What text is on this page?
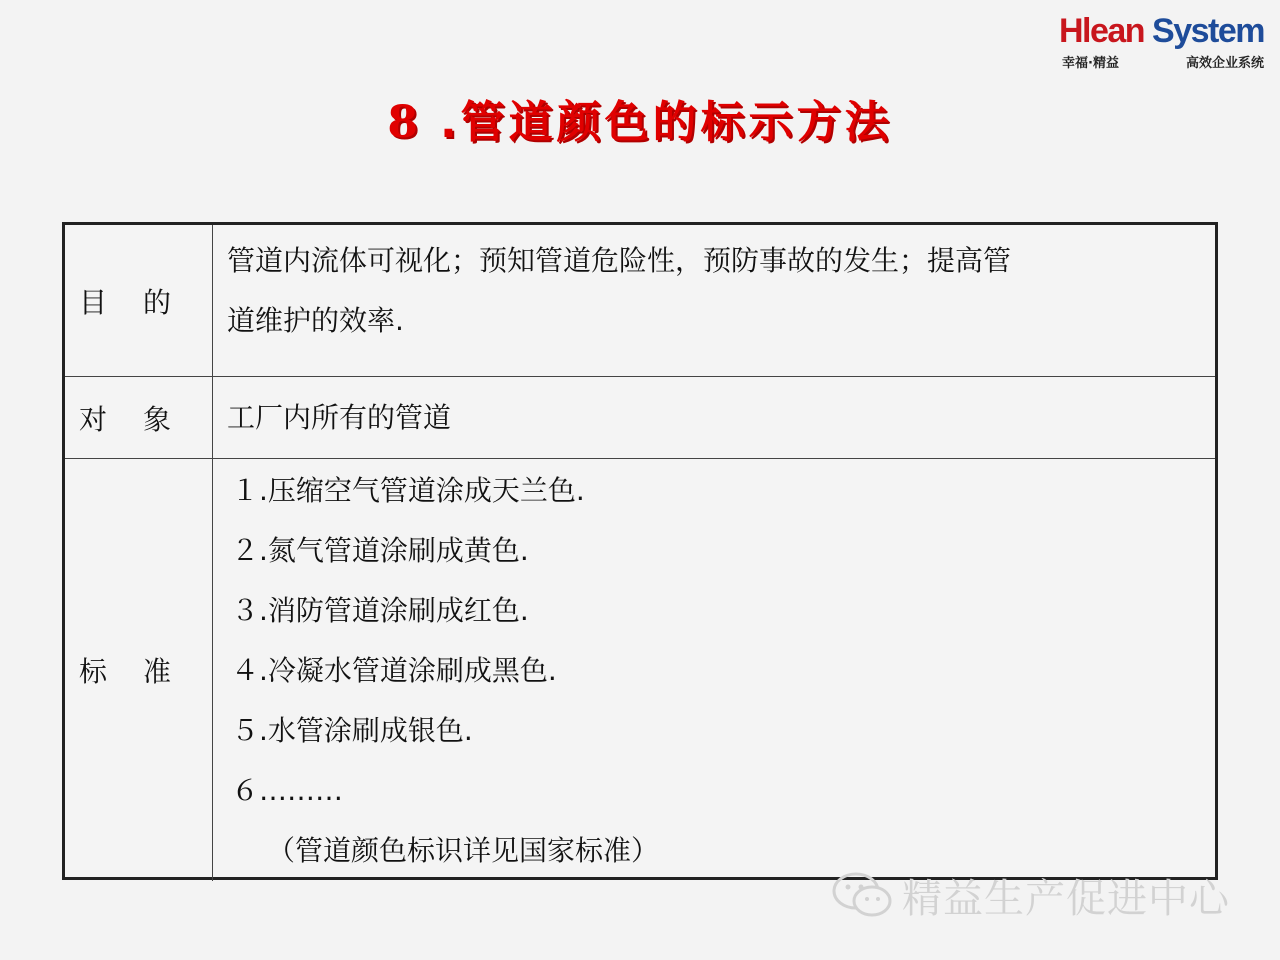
Hlean System
幸福·精益	高效企业系统
8 .管道颜色的标示方法
目 的
管道内流体可视化；预知管道危险性，预防事故的发生；提高管
道维护的效率.
对 象 工厂内所有的管道
标 准
１.压缩空气管道涂成天兰色.
２.氮气管道涂刷成黄色.
３.消防管道涂刷成红色.
４.冷凝水管道涂刷成黑色.
５.水管涂刷成银色.
６………
（管道颜色标识详见国家标准）
精益生产促进中心
